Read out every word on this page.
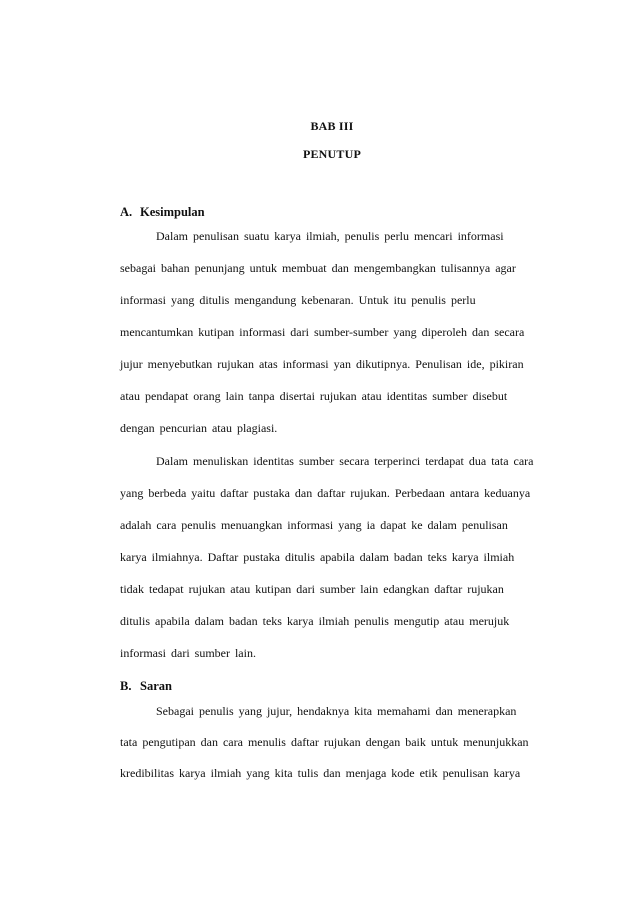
BAB III
PENUTUP
A. Kesimpulan
Dalam penulisan suatu karya ilmiah, penulis perlu mencari informasi
sebagai bahan penunjang untuk membuat dan mengembangkan tulisannya agar
informasi yang ditulis mengandung kebenaran. Untuk itu penulis perlu
mencantumkan kutipan informasi dari sumber-sumber yang diperoleh dan secara
jujur menyebutkan rujukan atas informasi yan dikutipnya. Penulisan ide, pikiran
atau pendapat orang lain tanpa disertai rujukan atau identitas sumber disebut
dengan pencurian atau plagiasi.
Dalam menuliskan identitas sumber secara terperinci terdapat dua tata cara
yang berbeda yaitu daftar pustaka dan daftar rujukan. Perbedaan antara keduanya
adalah cara penulis menuangkan informasi yang ia dapat ke dalam penulisan
karya ilmiahnya. Daftar pustaka ditulis apabila dalam badan teks karya ilmiah
tidak tedapat rujukan atau kutipan dari sumber lain edangkan daftar rujukan
ditulis apabila dalam badan teks karya ilmiah penulis mengutip atau merujuk
informasi dari sumber lain.
B. Saran
Sebagai penulis yang jujur, hendaknya kita memahami dan menerapkan
tata pengutipan dan cara menulis daftar rujukan dengan baik untuk menunjukkan
kredibilitas karya ilmiah yang kita tulis dan menjaga kode etik penulisan karya
